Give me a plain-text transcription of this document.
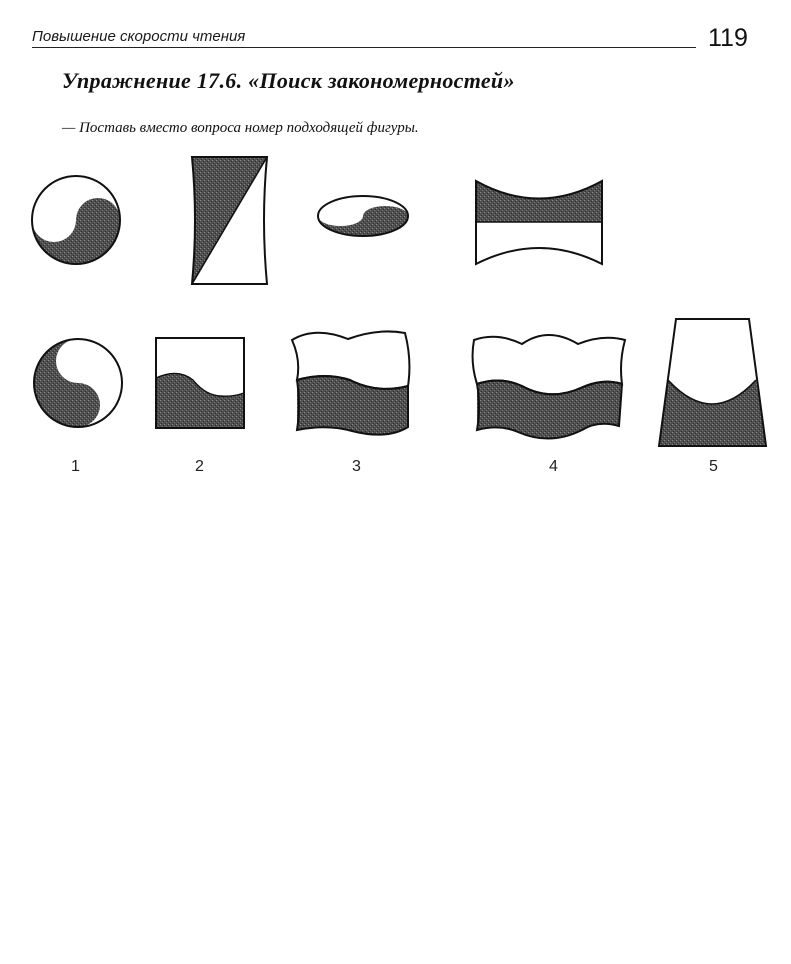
Повышение скорости чтения	119
Упражнение 17.6. «Поиск закономерностей»
— Поставь вместо вопроса номер подходящей фигуры.
1	2	3	4	5
